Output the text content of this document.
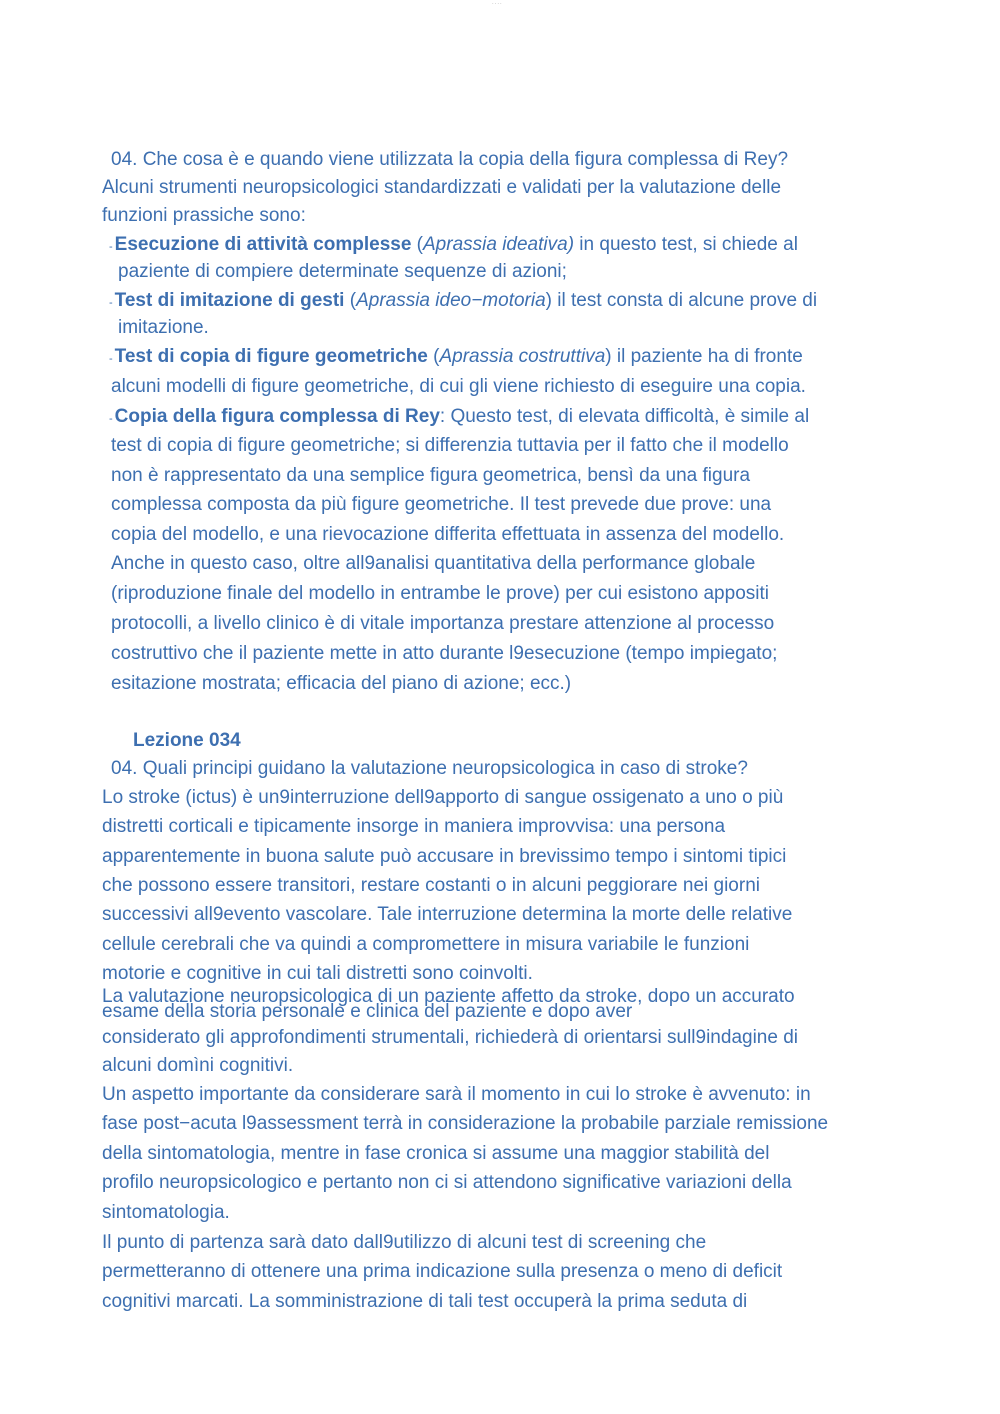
....
04. Che cosa è e quando viene utilizzata la copia della figura complessa di Rey?
Alcuni strumenti neuropsicologici standardizzati e validati per la valutazione delle
funzioni prassiche sono:
- Esecuzione di attività complesse (Aprassia ideativa) in questo test, si chiede al
paziente di compiere determinate sequenze di azioni;
- Test di imitazione di gesti (Aprassia ideo−motoria) il test consta di alcune prove di
imitazione.
- Test di copia di figure geometriche (Aprassia costruttiva) il paziente ha di fronte
alcuni modelli di figure geometriche, di cui gli viene richiesto di eseguire una copia.
- Copia della figura complessa di Rey: Questo test, di elevata difficoltà, è simile al
test di copia di figure geometriche; si differenzia tuttavia per il fatto che il modello
non è rappresentato da una semplice figura geometrica, bensì da una figura
complessa composta da più figure geometriche. Il test prevede due prove: una
copia del modello, e una rievocazione differita effettuata in assenza del modello.
Anche in questo caso, oltre all9analisi quantitativa della performance globale
(riproduzione finale del modello in entrambe le prove) per cui esistono appositi
protocolli, a livello clinico è di vitale importanza prestare attenzione al processo
costruttivo che il paziente mette in atto durante l9esecuzione (tempo impiegato;
esitazione mostrata; efficacia del piano di azione; ecc.)
Lezione 034
04. Quali principi guidano la valutazione neuropsicologica in caso di stroke?
Lo stroke (ictus) è un9interruzione dell9apporto di sangue ossigenato a uno o più
distretti corticali e tipicamente insorge in maniera improvvisa: una persona
apparentemente in buona salute può accusare in brevissimo tempo i sintomi tipici
che possono essere transitori, restare costanti o in alcuni peggiorare nei giorni
successivi all9evento vascolare. Tale interruzione determina la morte delle relative
cellule cerebrali che va quindi a compromettere in misura variabile le funzioni
motorie e cognitive in cui tali distretti sono coinvolti.
La valutazione neuropsicologica di un paziente affetto da stroke, dopo un accurato
esame della storia personale e clinica del paziente e dopo aver
considerato gli approfondimenti strumentali, richiederà di orientarsi sull9indagine di
alcuni domìni cognitivi.
Un aspetto importante da considerare sarà il momento in cui lo stroke è avvenuto: in
fase post−acuta l9assessment terrà in considerazione la probabile parziale remissione
della sintomatologia, mentre in fase cronica si assume una maggior stabilità del
profilo neuropsicologico e pertanto non ci si attendono significative variazioni della
sintomatologia.
Il punto di partenza sarà dato dall9utilizzo di alcuni test di screening che
permetteranno di ottenere una prima indicazione sulla presenza o meno di deficit
cognitivi marcati. La somministrazione di tali test occuperà la prima seduta di
